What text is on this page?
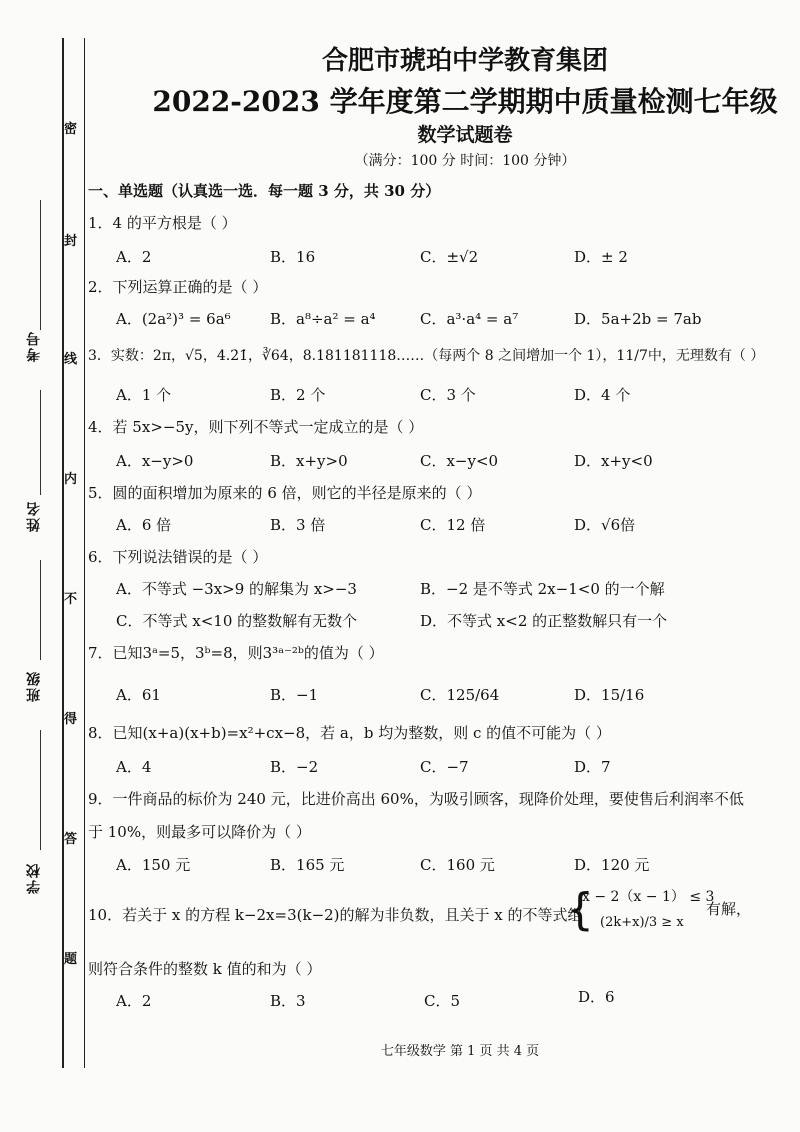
密
封
线
内
不
得
答
题
考号
姓名
班级
学校
合肥市琥珀中学教育集团
2022-2023 学年度第二学期期中质量检测七年级
数学试题卷
（满分：100 分 时间：100 分钟）
一、单选题（认真选一选．每一题 3 分，共 30 分）
1．4 的平方根是（ ）
A．2	B．16	C．±√2	D．± 2
2．下列运算正确的是（ ）
A．(2a²)³ = 6a⁶	B．a⁸÷a² = a⁴	C．a³·a⁴ = a⁷	D．5a+2b = 7ab
3．实数：2π，√5，4.2̇1̇，∛64，8.181181118……（每两个 8 之间增加一个 1），11/7中，无理数有（ ）
A．1 个	B．2 个	C．3 个	D．4 个
4．若 5x>−5y，则下列不等式一定成立的是（ ）
A．x−y>0	B．x+y>0	C．x−y<0	D．x+y<0
5．圆的面积增加为原来的 6 倍，则它的半径是原来的（ ）
A．6 倍	B．3 倍	C．12 倍	D．√6倍
6．下列说法错误的是（ ）
A．不等式 −3x>9 的解集为 x>−3	B．−2 是不等式 2x−1<0 的一个解
C．不等式 x<10 的整数解有无数个	D．不等式 x<2 的正整数解只有一个
7．已知3ᵃ=5，3ᵇ=8，则3³ᵃ⁻²ᵇ的值为（ ）
A．61	B．−1	C．125/64	D．15/16
8．已知(x+a)(x+b)=x²+cx−8，若 a，b 均为整数，则 c 的值不可能为（ ）
A．4	B．−2	C．−7	D．7
9．一件商品的标价为 240 元，比进价高出 60%，为吸引顾客，现降价处理，要使售后利润率不低
于 10%，则最多可以降价为（ ）
A．150 元	B．165 元	C．160 元	D．120 元
10．若关于 x 的方程 k−2x=3(k−2)的解为非负数，且关于 x 的不等式组
{
x − 2（x − 1） ≤ 3
(2k+x)/3 ≥ x
有解，
则符合条件的整数 k 值的和为（ ）
A．2	B．3	C．5	D．6
七年级数学 第 1 页 共 4 页
